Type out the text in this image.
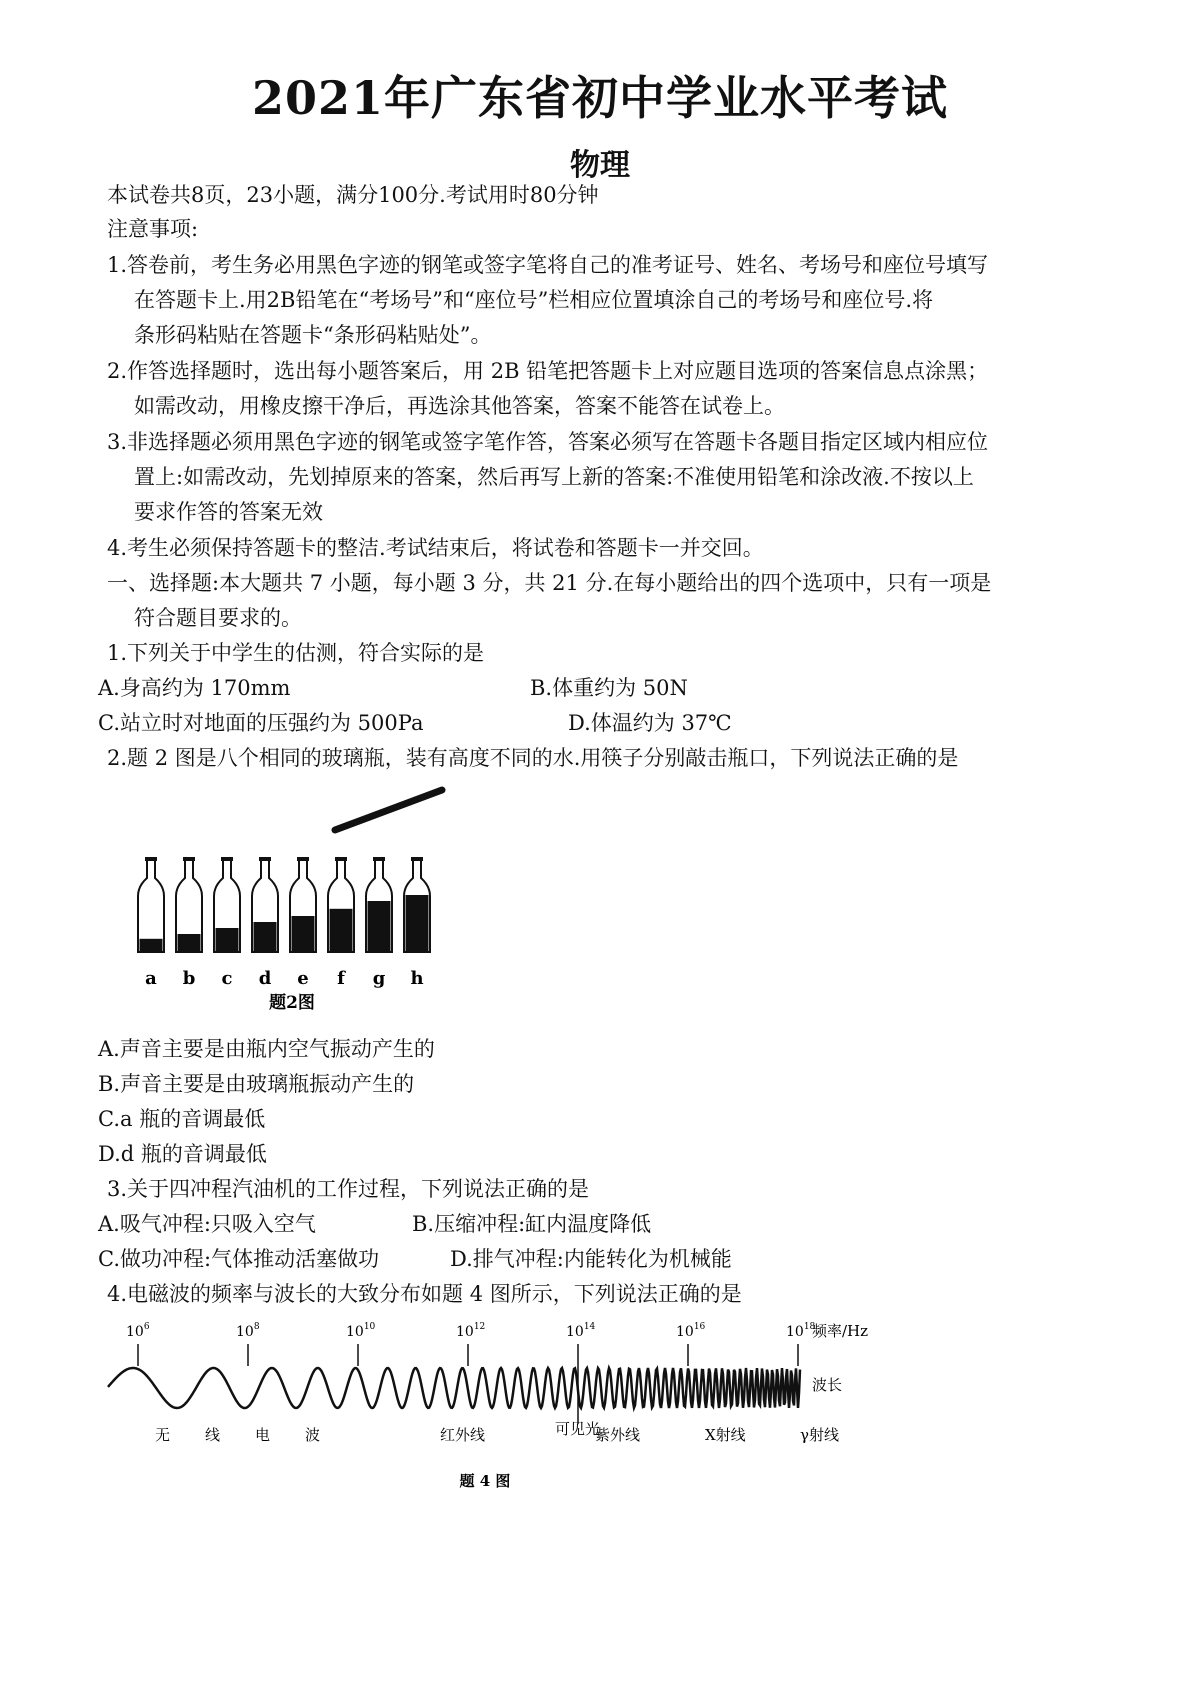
2021年广东省初中学业水平考试
物理
本试卷共8页，23小题，满分100分.考试用时80分钟
注意事项:
1.答卷前，考生务必用黑色字迹的钢笔或签字笔将自己的准考证号、姓名、考场号和座位号填写
在答题卡上.用2B铅笔在“考场号”和“座位号”栏相应位置填涂自己的考场号和座位号.将
条形码粘贴在答题卡“条形码粘贴处”。
2.作答选择题时，选出每小题答案后，用 2B 铅笔把答题卡上对应题目选项的答案信息点涂黑；
如需改动，用橡皮擦干净后，再选涂其他答案，答案不能答在试卷上。
3.非选择题必须用黑色字迹的钢笔或签字笔作答，答案必须写在答题卡各题目指定区域内相应位
置上:如需改动，先划掉原来的答案，然后再写上新的答案:不准使用铅笔和涂改液.不按以上
要求作答的答案无效
4.考生必须保持答题卡的整洁.考试结束后，将试卷和答题卡一并交回。
一、选择题:本大题共 7 小题，每小题 3 分，共 21 分.在每小题给出的四个选项中，只有一项是
符合题目要求的。
1.下列关于中学生的估测，符合实际的是
A.身高约为 170mm	B.体重约为 50N
C.站立时对地面的压强约为 500Pa	D.体温约为 37℃
2.题 2 图是八个相同的玻璃瓶，装有高度不同的水.用筷子分别敲击瓶口，下列说法正确的是
a b c d e f g h
题2图
A.声音主要是由瓶内空气振动产生的
B.声音主要是由玻璃瓶振动产生的
C.a 瓶的音调最低
D.d 瓶的音调最低
3.关于四冲程汽油机的工作过程，下列说法正确的是
A.吸气冲程:只吸入空气	B.压缩冲程:缸内温度降低
C.做功冲程:气体推动活塞做功	D.排气冲程:内能转化为机械能
4.电磁波的频率与波长的大致分布如题 4 图所示，下列说法正确的是
$10^6$	$10^8$	$10^{10}$	$10^{12}$	$10^{14}$	$10^{16}$	$10^{18}$
频率/Hz
波长
无 线 电 波	红外线	可见光
紫外线	X射线	γ射线
题 4 图
